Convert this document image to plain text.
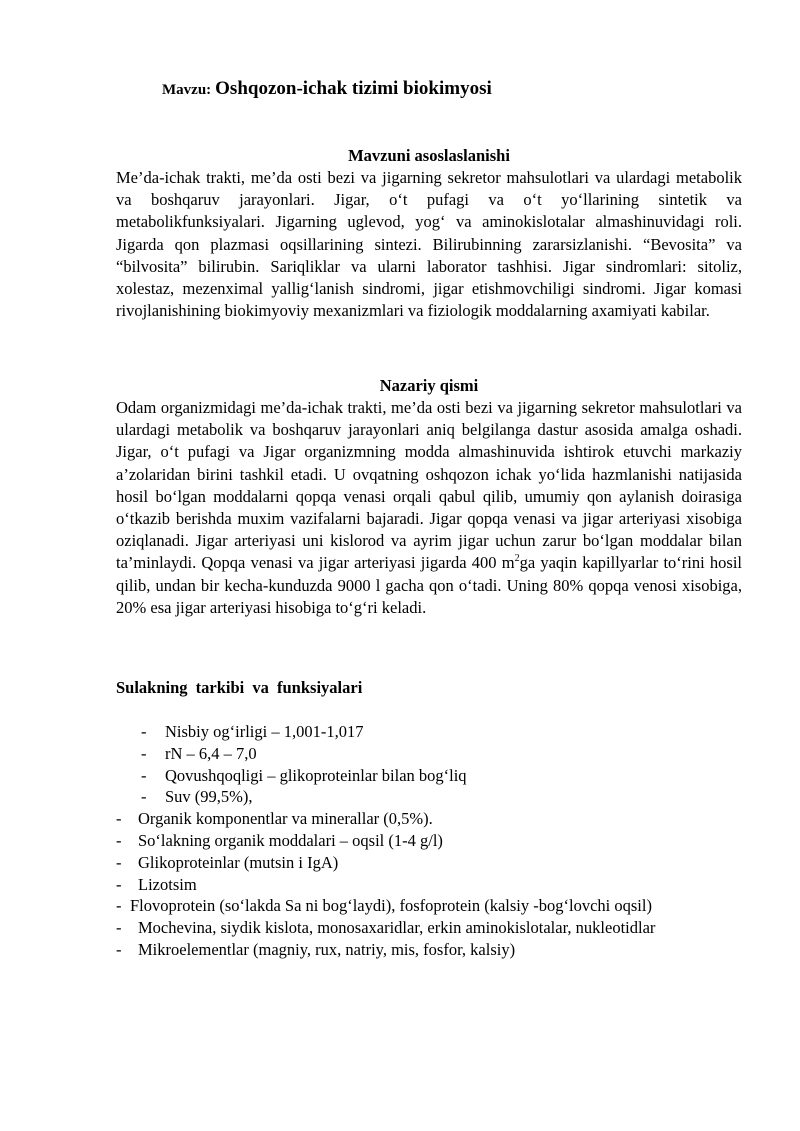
Mavzu: Oshqozon-ichak tizimi biokimyosi
Mavzuni asoslaslanishi

Me’da-ichak trakti, me’da osti bezi va jigarning sekretor mahsulotlari va ulardagi metabolik va boshqaruv jarayonlari. Jigar, o‘t pufagi va o‘t yo‘llarining sintetik va metabolikfunksiyalari. Jigarning uglevod, yog‘ va aminokislotalar almashinuvidagi roli. Jigarda qon plazmasi oqsillarining sintezi. Bilirubinning zararsizlanishi. “Bevosita” va “bilvosita” bilirubin. Sariqliklar va ularni laborator tashhisi. Jigar sindromlari: sitoliz, xolestaz, mezenximal yallig‘lanish sindromi, jigar etishmovchiligi sindromi. Jigar komasi rivojlanishining biokimyoviy mexanizmlari va fiziologik moddalarning axamiyati kabilar.

Nazariy qismi

Odam organizmidagi me’da-ichak trakti, me’da osti bezi va jigarning sekretor mahsulotlari va ulardagi metabolik va boshqaruv jarayonlari aniq belgilanga dastur asosida amalga oshadi. Jigar, o‘t pufagi va Jigar organizmning modda almashinuvida ishtirok etuvchi markaziy a’zolaridan birini tashkil etadi. U ovqatning oshqozon ichak yo‘lida hazmlanishi natijasida hosil bo‘lgan moddalarni qopqa venasi orqali qabul qilib, umumiy qon aylanish doirasiga o‘tkazib berishda muxim vazifalarni bajaradi. Jigar qopqa venasi va jigar arteriyasi xisobiga oziqlanadi. Jigar arteriyasi uni kislorod va ayrim jigar uchun zarur bo‘lgan moddalar bilan ta’minlaydi. Qopqa venasi va jigar arteriyasi jigarda 400 $m^2ga$ yaqin kapillyarlar to‘rini hosil qilib, undan bir kecha-kunduzda 9000 l gacha qon o‘tadi. Uning 80% qopqa venosi xisobiga, 20% esa jigar arteriyasi hisobiga to‘g‘ri keladi.

Sulakning tarkibi va funksiyalari
- Nisbiy og‘irligi – 1,001-1,017
- rN – 6,4 – 7,0
- Qovushqoqligi – glikoproteinlar bilan bog‘liq
- Suv (99,5%),
- Organik komponentlar va minerallar (0,5%).
- So‘lakning organik moddalari – oqsil (1-4 g/l)
- Glikoproteinlar (mutsin i IgA)
- Lizotsim
- Flovoprotein (so‘lakda Sa ni bog‘laydi), fosfoprotein (kalsiy -bog‘lovchi oqsil)
- Mochevina, siydik kislota, monosaxaridlar, erkin aminokislotalar, nukleotidlar
- Mikroelementlar (magniy, rux, natriy, mis, fosfor, kalsiy)
